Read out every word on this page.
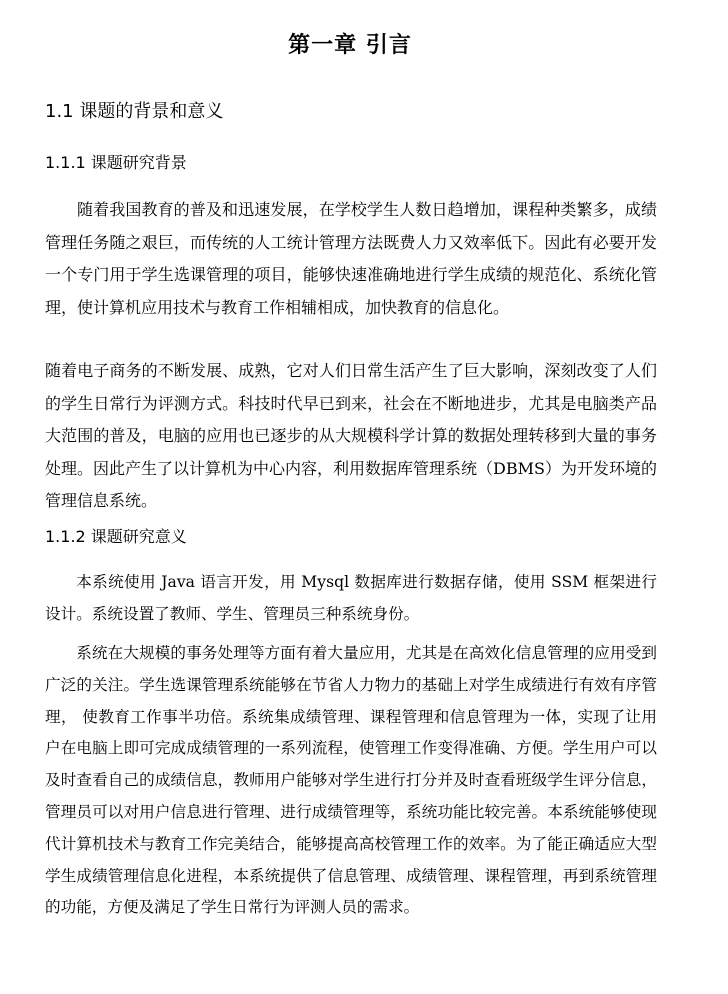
第一章 引言
1.1 课题的背景和意义
1.1.1 课题研究背景

随着我国教育的普及和迅速发展，在学校学生人数日趋增加，课程种类繁多，成绩管理任务随之艰巨，而传统的人工统计管理方法既费人力又效率低下。因此有必要开发一个专门用于学生选课管理的项目，能够快速准确地进行学生成绩的规范化、系统化管理，使计算机应用技术与教育工作相辅相成，加快教育的信息化。

随着电子商务的不断发展、成熟，它对人们日常生活产生了巨大影响，深刻改变了人们的学生日常行为评测方式。科技时代早已到来，社会在不断地进步，尤其是电脑类产品大范围的普及，电脑的应用也已逐步的从大规模科学计算的数据处理转移到大量的事务处理。因此产生了以计算机为中心内容，利用数据库管理系统（DBMS）为开发环境的管理信息系统。

1.1.2 课题研究意义

本系统使用 Java 语言开发，用 Mysql 数据库进行数据存储，使用 SSM 框架进行设计。系统设置了教师、学生、管理员三种系统身份。

系统在大规模的事务处理等方面有着大量应用，尤其是在高效化信息管理的应用受到广泛的关注。学生选课管理系统能够在节省人力物力的基础上对学生成绩进行有效有序管理， 使教育工作事半功倍。系统集成绩管理、课程管理和信息管理为一体，实现了让用户在电脑上即可完成成绩管理的一系列流程，使管理工作变得准确、方便。学生用户可以及时查看自己的成绩信息，教师用户能够对学生进行打分并及时查看班级学生评分信息，管理员可以对用户信息进行管理、进行成绩管理等，系统功能比较完善。本系统能够使现代计算机技术与教育工作完美结合，能够提高高校管理工作的效率。为了能正确适应大型学生成绩管理信息化进程，本系统提供了信息管理、成绩管理、课程管理，再到系统管理的功能，方便及满足了学生日常行为评测人员的需求。
